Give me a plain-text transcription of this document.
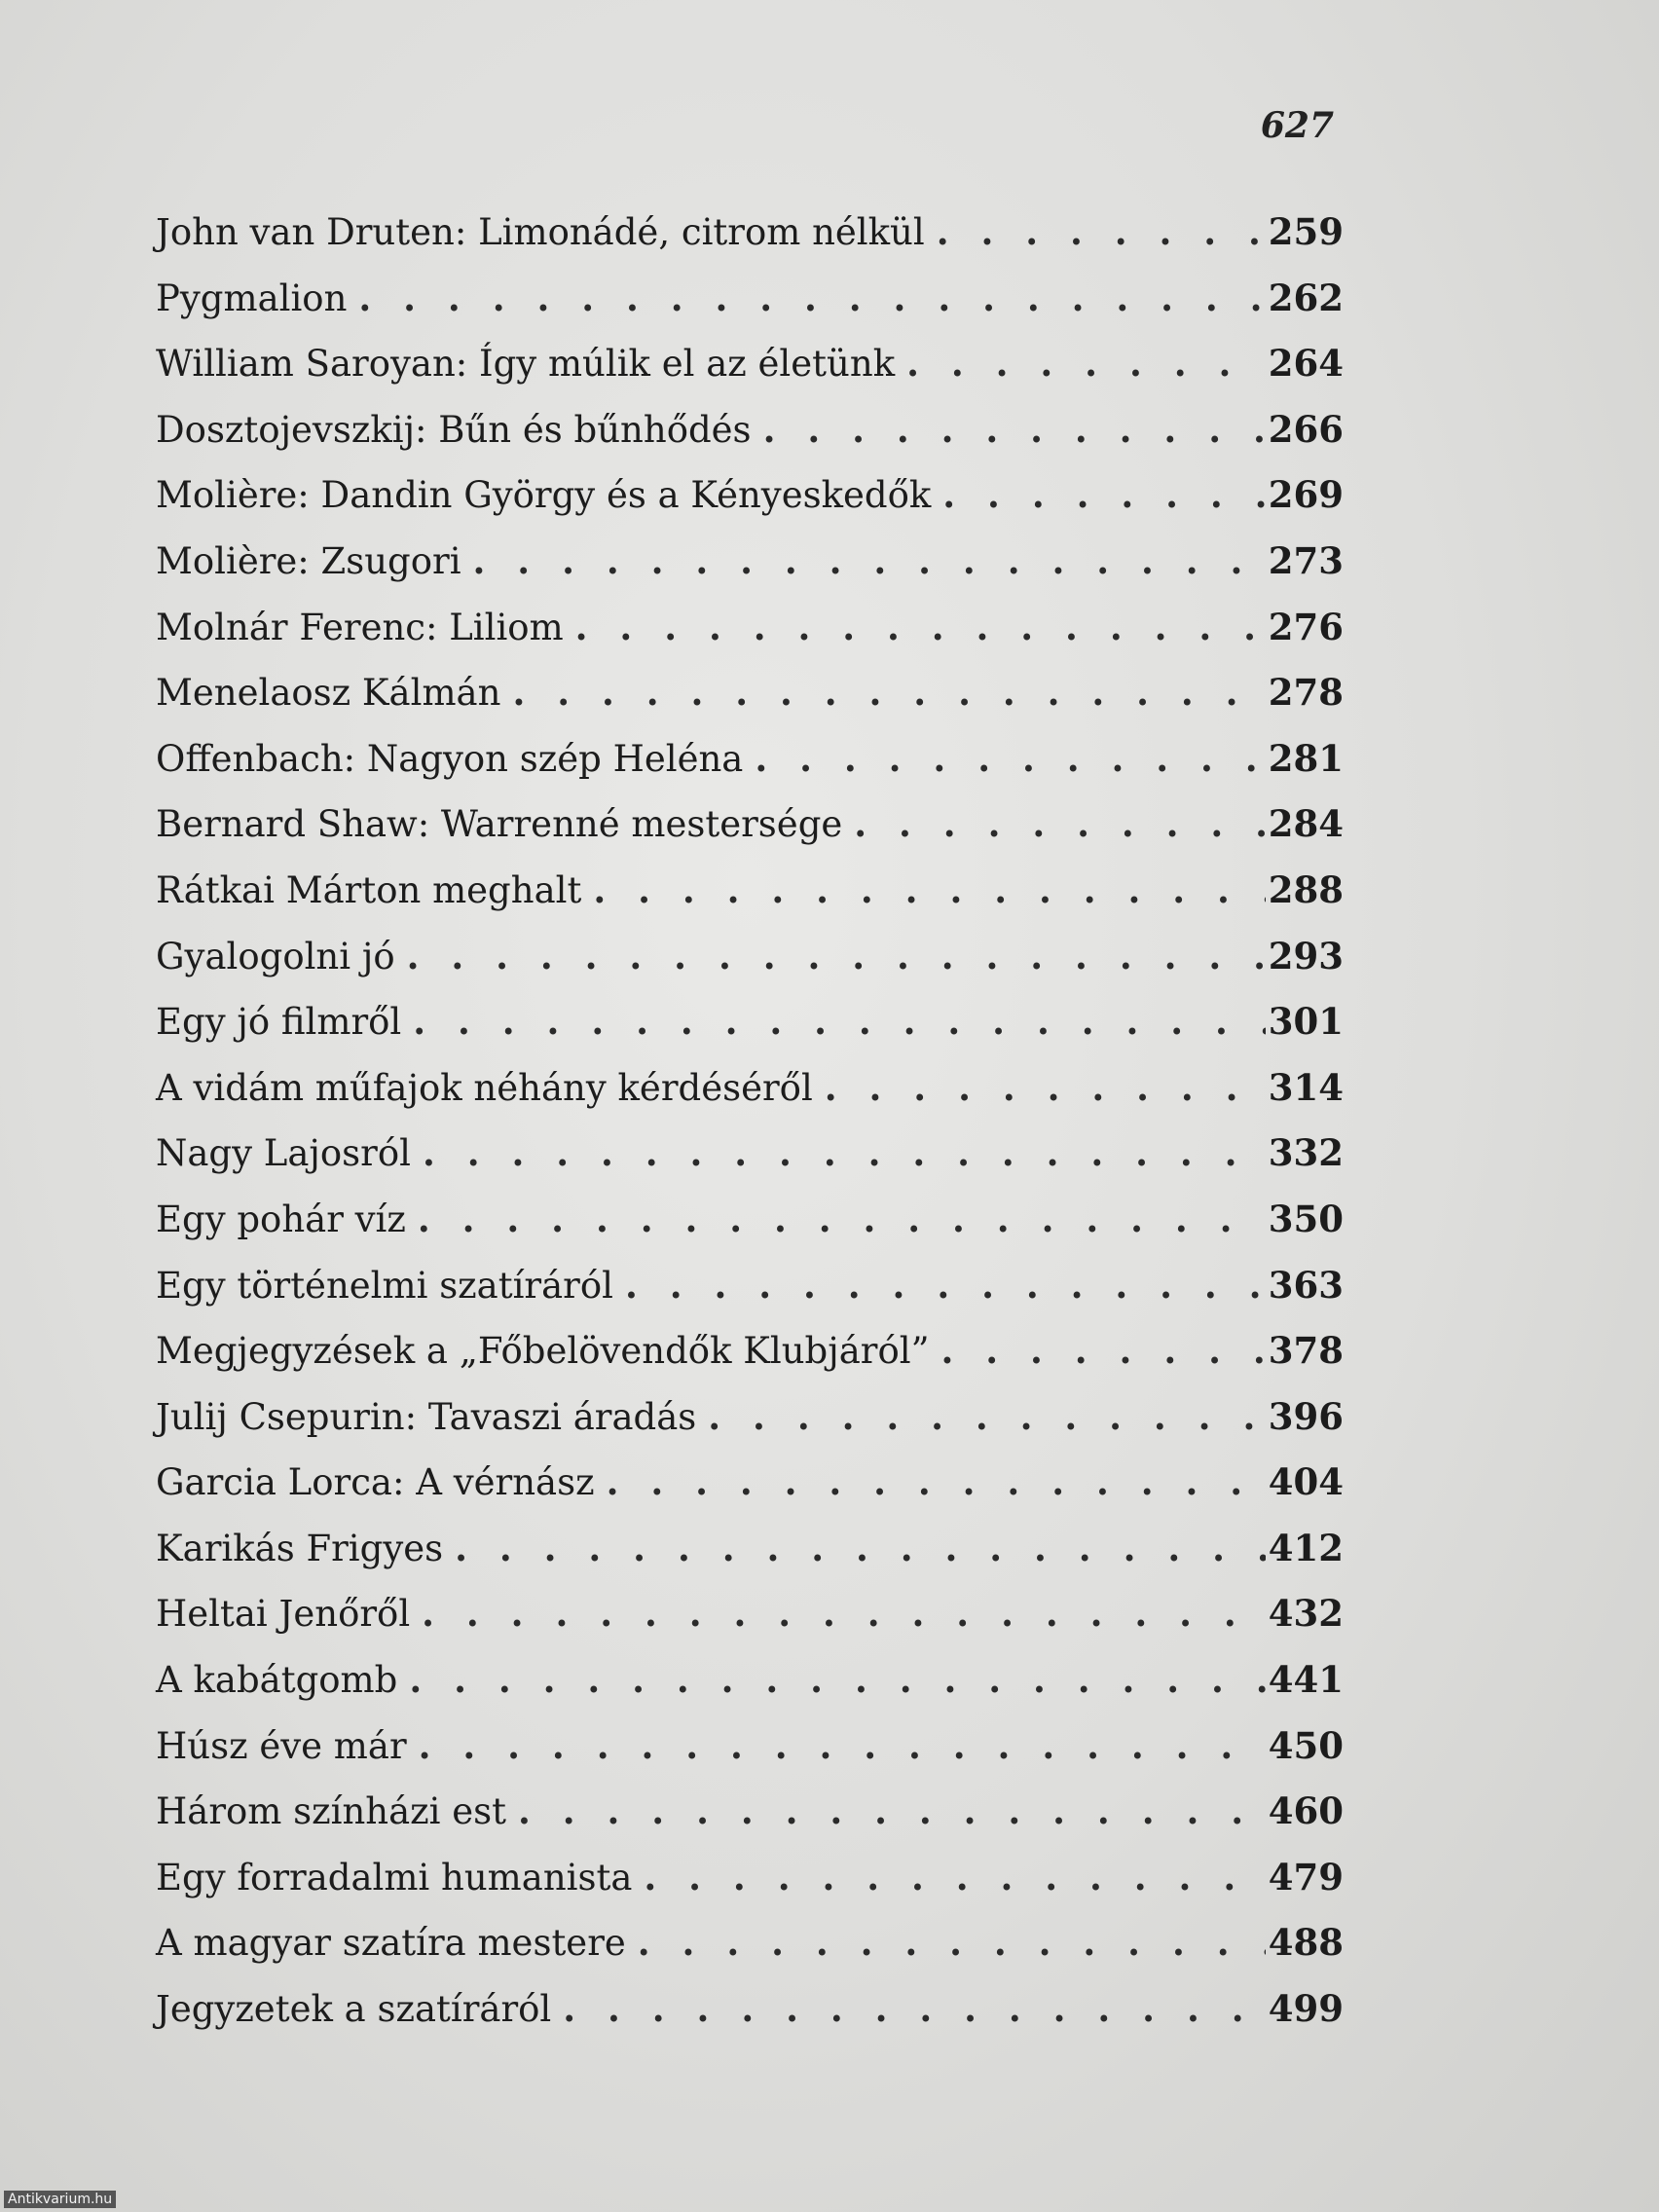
627
John van Druten: Limonádé, citrom nélkül . . .	259
Pygmalion . . .	262
William Saroyan: Így múlik el az életünk . . .	264
Dosztojevszkij: Bűn és bűnhődés . . .	266
Molière: Dandin György és a Kényeskedők . . .	269
Molière: Zsugori . . .	273
Molnár Ferenc: Liliom . . .	276
Menelaosz Kálmán . . .	278
Offenbach: Nagyon szép Heléna . . .	281
Bernard Shaw: Warrenné mestersége . . .	284
Rátkai Márton meghalt . . .	288
Gyalogolni jó . . .	293
Egy jó filmről . . .	301
A vidám műfajok néhány kérdéséről . . .	314
Nagy Lajosról . . .	332
Egy pohár víz . . .	350
Egy történelmi szatíráról . . .	363
Megjegyzések a „Főbelövendők Klubjáról” . . .	378
Julij Csepurin: Tavaszi áradás . . .	396
Garcia Lorca: A vérnász . . .	404
Karikás Frigyes . . .	412
Heltai Jenőről . . .	432
A kabátgomb . . .	441
Húsz éve már . . .	450
Három színházi est . . .	460
Egy forradalmi humanista . . .	479
A magyar szatíra mestere . . .	488
Jegyzetek a szatíráról . . .	499
Antikvarium.hu
